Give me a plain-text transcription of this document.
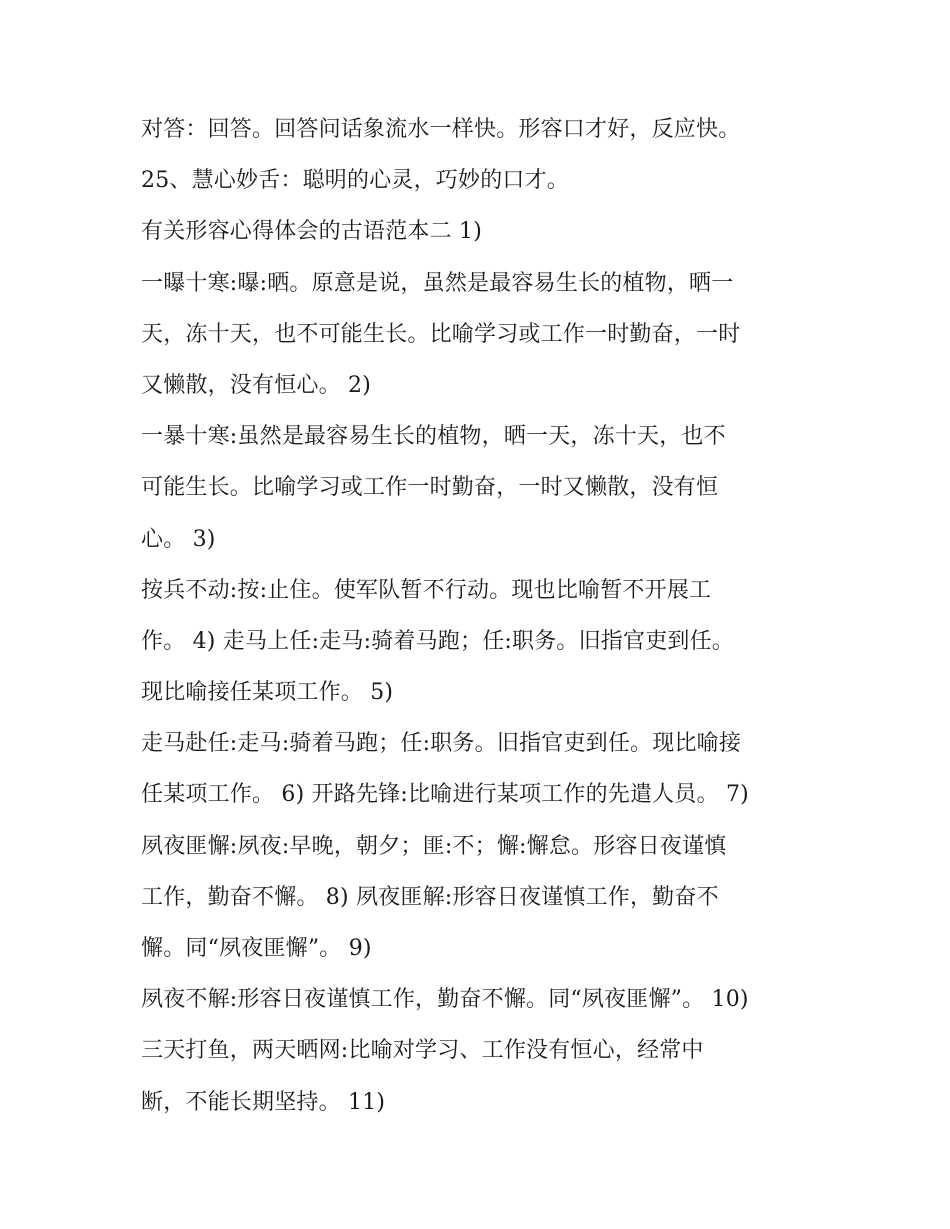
对答：回答。回答问话象流水一样快。形容口才好，反应快。
25、慧心妙舌：聪明的心灵，巧妙的口才。
有关形容心得体会的古语范本二 1)
一曝十寒:曝:晒。原意是说，虽然是最容易生长的植物，晒一
天，冻十天，也不可能生长。比喻学习或工作一时勤奋，一时
又懒散，没有恒心。 2)
一暴十寒:虽然是最容易生长的植物，晒一天，冻十天，也不
可能生长。比喻学习或工作一时勤奋，一时又懒散，没有恒
心。 3)
按兵不动:按:止住。使军队暂不行动。现也比喻暂不开展工
作。 4) 走马上任:走马:骑着马跑；任:职务。旧指官吏到任。
现比喻接任某项工作。 5)
走马赴任:走马:骑着马跑；任:职务。旧指官吏到任。现比喻接
任某项工作。 6) 开路先锋:比喻进行某项工作的先遣人员。 7)
夙夜匪懈:夙夜:早晚，朝夕；匪:不；懈:懈怠。形容日夜谨慎
工作，勤奋不懈。 8) 夙夜匪解:形容日夜谨慎工作，勤奋不
懈。同“夙夜匪懈”。 9)
夙夜不解:形容日夜谨慎工作，勤奋不懈。同“夙夜匪懈”。 10)
三天打鱼，两天晒网:比喻对学习、工作没有恒心，经常中
断，不能长期坚持。 11)
